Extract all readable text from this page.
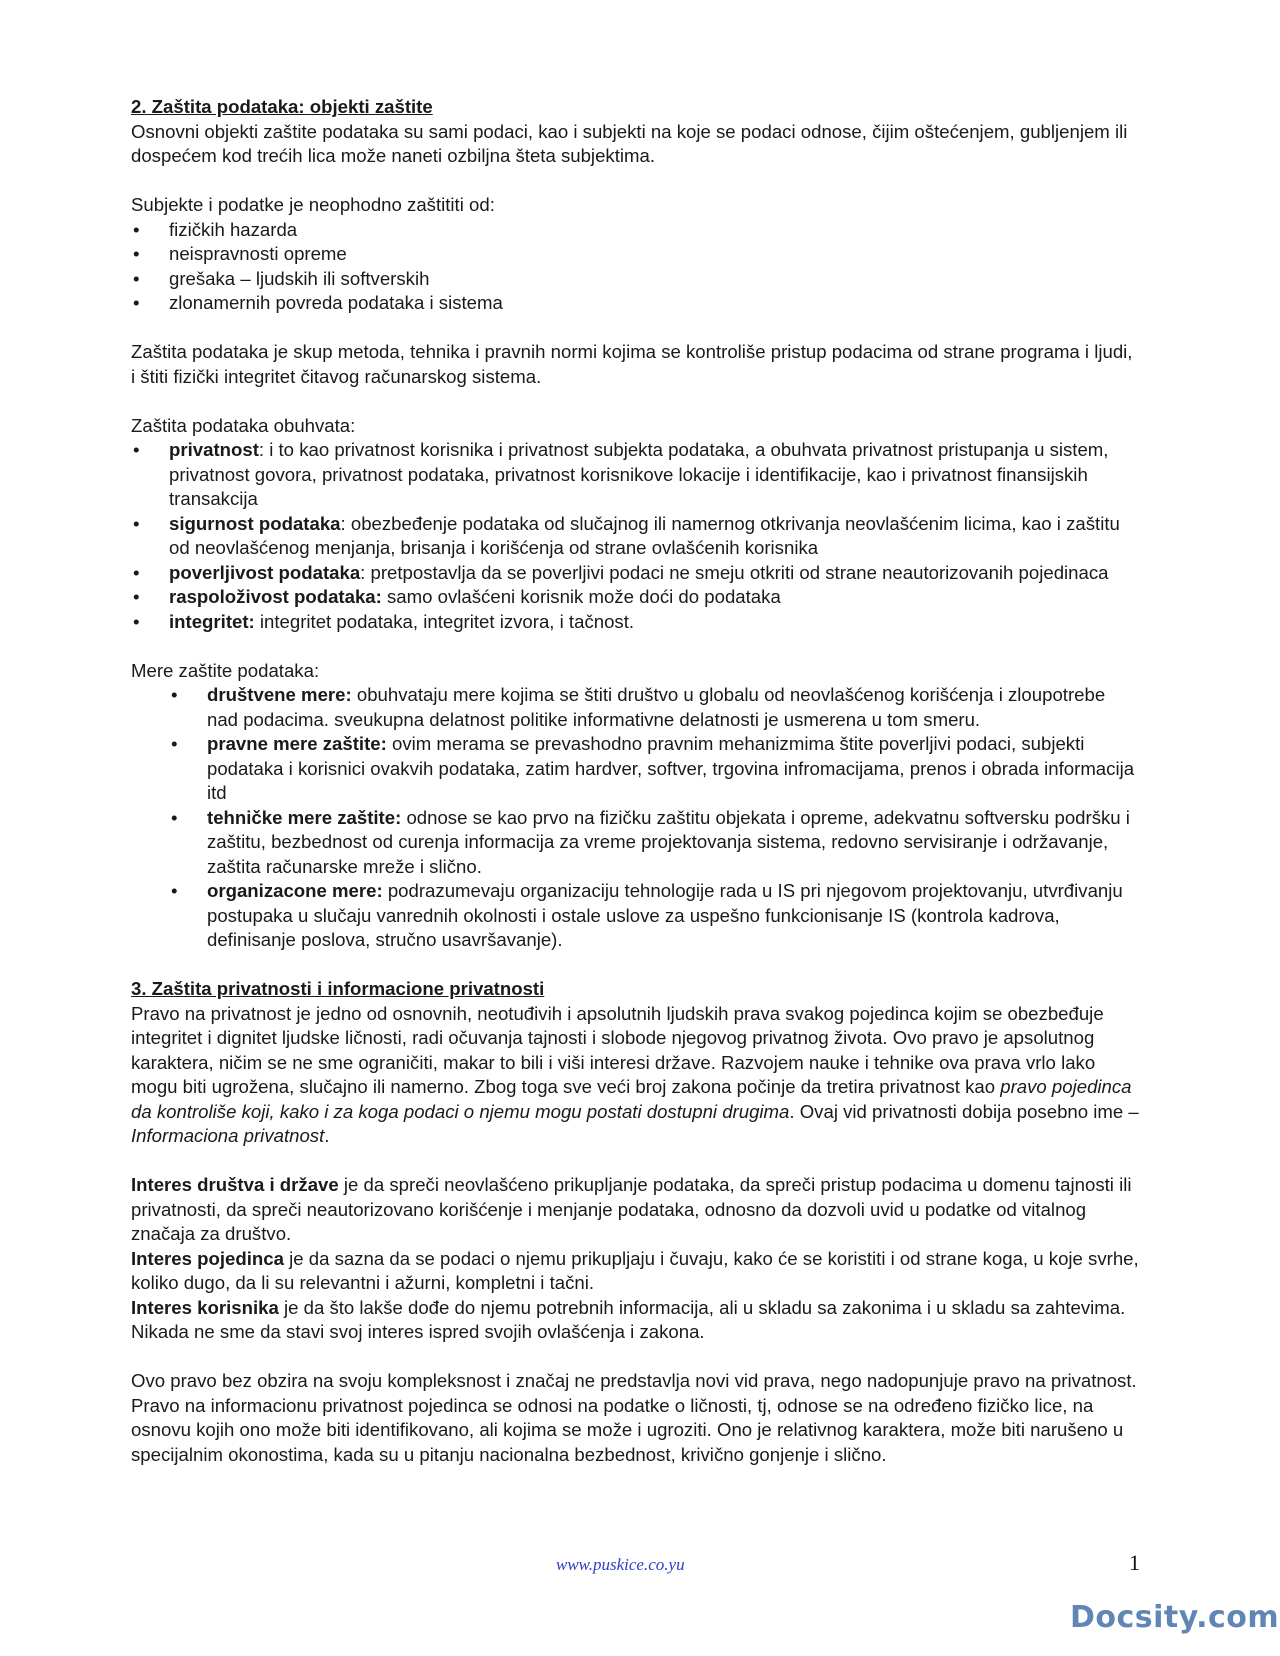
2. Zaštita podataka: objekti zaštite

Osnovni objekti zaštite podataka su sami podaci, kao i subjekti na koje se podaci odnose, čijim oštećenjem, gubljenjem ili dospećem kod trećih lica može naneti ozbiljna šteta subjektima.

Subjekte i podatke je neophodno zaštititi od:

• fizičkih hazarda
• neispravnosti opreme
• grešaka – ljudskih ili softverskih
• zlonamernih povreda podataka i sistema

Zaštita podataka je skup metoda, tehnika i pravnih normi kojima se kontroliše pristup podacima od strane programa i ljudi, i štiti fizički integritet čitavog računarskog sistema.

Zaštita podataka obuhvata:

• privatnost: i to kao privatnost korisnika i privatnost subjekta podataka, a obuhvata privatnost pristupanja u sistem, privatnost govora, privatnost podataka, privatnost korisnikove lokacije i identifikacije, kao i privatnost finansijskih transakcija
• sigurnost podataka: obezbeđenje podataka od slučajnog ili namernog otkrivanja neovlašćenim licima, kao i zaštitu od neovlašćenog menjanja, brisanja i korišćenja od strane ovlašćenih korisnika
• poverljivost podataka: pretpostavlja da se poverljivi podaci ne smeju otkriti od strane neautorizovanih pojedinaca
• raspoloživost podataka: samo ovlašćeni korisnik može doći do podataka
• integritet: integritet podataka, integritet izvora, i tačnost.

Mere zaštite podataka:

• društvene mere: obuhvataju mere kojima se štiti društvo u globalu od neovlašćenog korišćenja i zloupotrebe nad podacima. sveukupna delatnost politike informativne delatnosti je usmerena u tom smeru.
• pravne mere zaštite: ovim merama se prevashodno pravnim mehanizmima štite poverljivi podaci, subjekti podataka i korisnici ovakvih podataka, zatim hardver, softver, trgovina infromacijama, prenos i obrada informacija itd
• tehničke mere zaštite: odnose se kao prvo na fizičku zaštitu objekata i opreme, adekvatnu softversku podršku i zaštitu, bezbednost od curenja informacija za vreme projektovanja sistema, redovno servisiranje i održavanje, zaštita računarske mreže i slično.
• organizacone mere: podrazumevaju organizaciju tehnologije rada u IS pri njegovom projektovanju, utvrđivanju postupaka u slučaju vanrednih okolnosti i ostale uslove za uspešno funkcionisanje IS (kontrola kadrova, definisanje poslova, stručno usavršavanje).
3. Zaštita privatnosti i informacione privatnosti

Pravo na privatnost je jedno od osnovnih, neotuđivih i apsolutnih ljudskih prava svakog pojedinca kojim se obezbeđuje integritet i dignitet ljudske ličnosti, radi očuvanja tajnosti i slobode njegovog privatnog života. Ovo pravo je apsolutnog karaktera, ničim se ne sme ograničiti, makar to bili i viši interesi države. Razvojem nauke i tehnike ova prava vrlo lako mogu biti ugrožena, slučajno ili namerno. Zbog toga sve veći broj zakona počinje da tretira privatnost kao pravo pojedinca da kontroliše koji, kako i za koga podaci o njemu mogu postati dostupni drugima. Ovaj vid privatnosti dobija posebno ime – Informaciona privatnost.

Interes društva i države je da spreči neovlašćeno prikupljanje podataka, da spreči pristup podacima u domenu tajnosti ili privatnosti, da spreči neautorizovano korišćenje i menjanje podataka, odnosno da dozvoli uvid u podatke od vitalnog značaja za društvo.

Interes pojedinca je da sazna da se podaci o njemu prikupljaju i čuvaju, kako će se koristiti i od strane koga, u koje svrhe, koliko dugo, da li su relevantni i ažurni, kompletni i tačni.

Interes korisnika je da što lakše dođe do njemu potrebnih informacija, ali u skladu sa zakonima i u skladu sa zahtevima. Nikada ne sme da stavi svoj interes ispred svojih ovlašćenja i zakona.

Ovo pravo bez obzira na svoju kompleksnost i značaj ne predstavlja novi vid prava, nego nadopunjuje pravo na privatnost. Pravo na informacionu privatnost pojedinca se odnosi na podatke o ličnosti, tj, odnose se na određeno fizičko lice, na osnovu kojih ono može biti identifikovano, ali kojima se može i ugroziti. Ono je relativnog karaktera, može biti narušeno u specijalnim okonostima, kada su u pitanju nacionalna bezbednost, krivično gonjenje i slično.

www.puskice.co.yu	1
Docsity.com
